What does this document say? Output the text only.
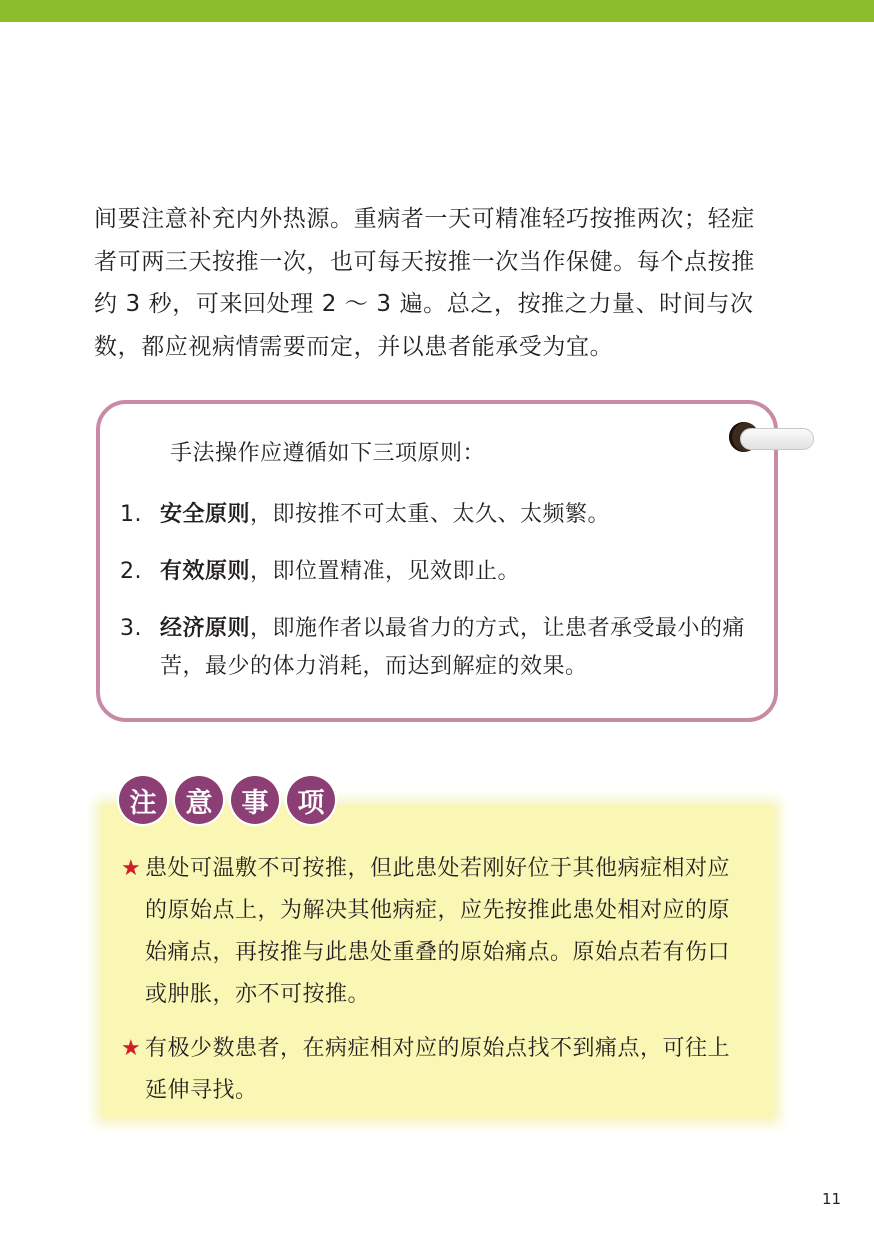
间要注意补充内外热源。重病者一天可精准轻巧按推两次；轻症

者可两三天按推一次，也可每天按推一次当作保健。每个点按推

约 3 秒，可来回处理 2 ～ 3 遍。总之，按推之力量、时间与次

数，都应视病情需要而定，并以患者能承受为宜。

手法操作应遵循如下三项原则：
1. 安全原则，即按推不可太重、太久、太频繁。
2. 有效原则，即位置精准，见效即止。
3. 经济原则，即施作者以最省力的方式，让患者承受最小的痛苦，最少的体力消耗，而达到解症的效果。
注	意	事	项
★ 患处可温敷不可按推，但此患处若刚好位于其他病症相对应的原始点上，为解决其他病症，应先按推此患处相对应的原始痛点，再按推与此患处重叠的原始痛点。原始点若有伤口或肿胀，亦不可按推。
★ 有极少数患者，在病症相对应的原始点找不到痛点，可往上延伸寻找。
11
